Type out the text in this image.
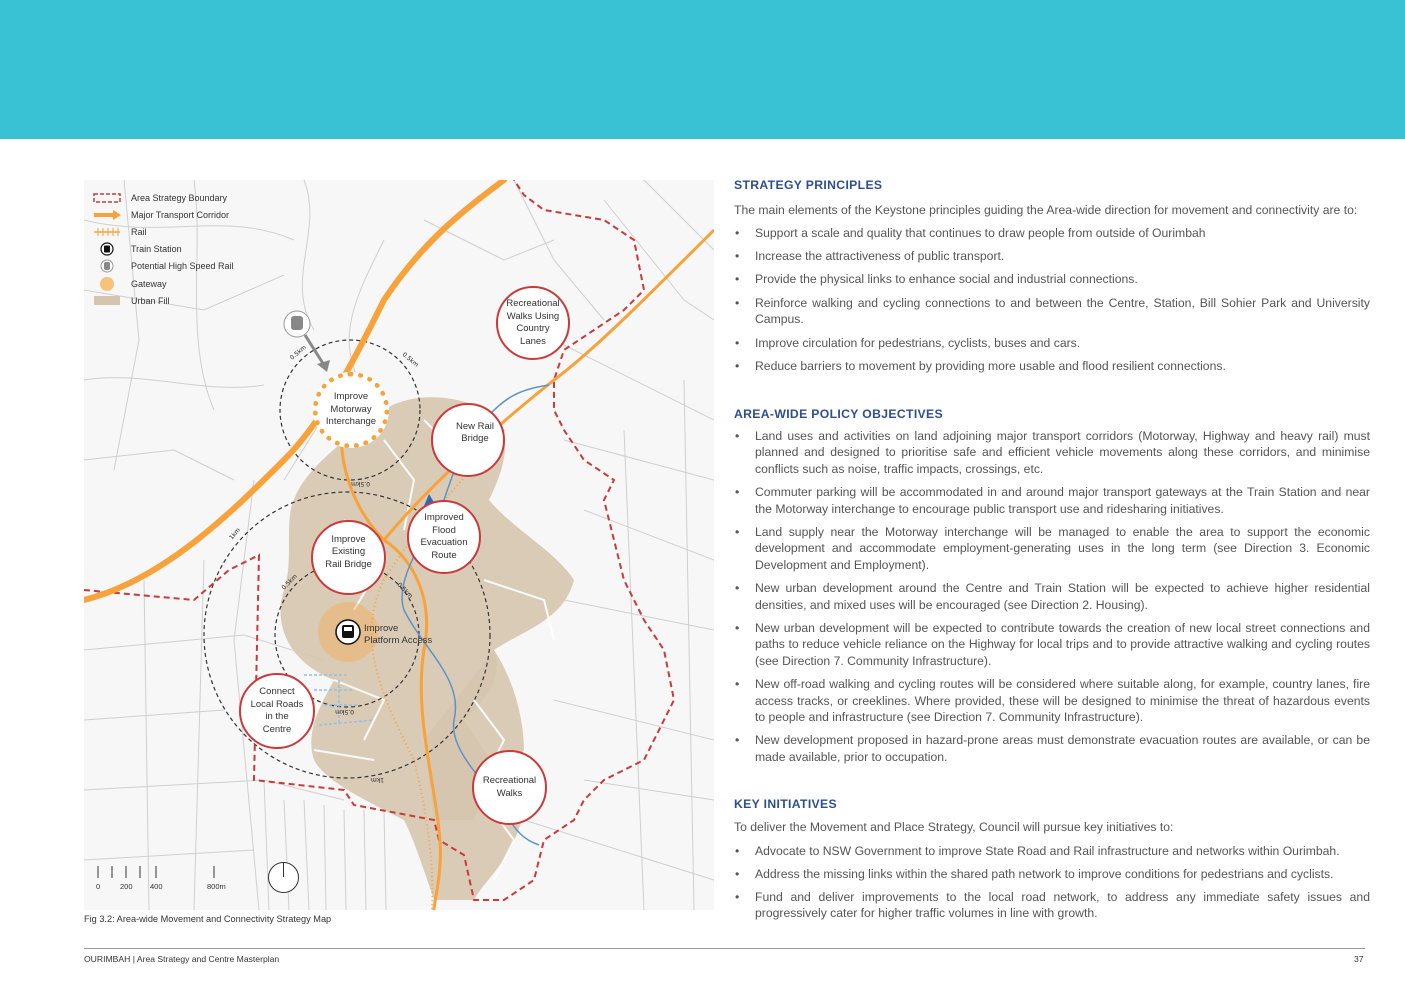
0.5km	0.5km
1km
0.5km	0.5km
0.5km
1km
0.5km
Area Strategy Boundary
Major Transport Corridor
Rail
Train Station
Potential High Speed Rail
Gateway
Urban Fill	Recreational
Walks Using
Country
Lanes
Improve
Motorway
Interchange	New Rail
Bridge
Improved
Flood
Evacuation
Route
Improve
Existing
Rail Bridge
Improve
Platform Access
Connect
Local Roads
in the
Centre
Recreational
Walks
0	200 400	800m
Fig 3.2: Area-wide Movement and Connectivity Strategy Map
STRATEGY PRINCIPLES

The main elements of the Keystone principles guiding the Area-wide direction for movement and connectivity are to:

• Support a scale and quality that continues to draw people from outside of Ourimbah
• Increase the attractiveness of public transport.
• Provide the physical links to enhance social and industrial connections.
• Reinforce walking and cycling connections to and between the Centre, Station, Bill Sohier Park and University Campus.
• Improve circulation for pedestrians, cyclists, buses and cars.
• Reduce barriers to movement by providing more usable and flood resilient connections.
AREA-WIDE POLICY OBJECTIVES
• Land uses and activities on land adjoining major transport corridors (Motorway, Highway and heavy rail) must planned and designed to prioritise safe and efficient vehicle movements along these corridors, and minimise conflicts such as noise, traffic impacts, crossings, etc.
• Commuter parking will be accommodated in and around major transport gateways at the Train Station and near the Motorway interchange to encourage public transport use and ridesharing initiatives.
• Land supply near the Motorway interchange will be managed to enable the area to support the economic development and accommodate employment-generating uses in the long term (see Direction 3. Economic Development and Employment).
• New urban development around the Centre and Train Station will be expected to achieve higher residential densities, and mixed uses will be encouraged (see Direction 2. Housing).
• New urban development will be expected to contribute towards the creation of new local street connections and paths to reduce vehicle reliance on the Highway for local trips and to provide attractive walking and cycling routes (see Direction 7. Community Infrastructure).
• New off-road walking and cycling routes will be considered where suitable along, for example, country lanes, fire access tracks, or creeklines. Where provided, these will be designed to minimise the threat of hazardous events to people and infrastructure (see Direction 7. Community Infrastructure).
• New development proposed in hazard-prone areas must demonstrate evacuation routes are available, or can be made available, prior to occupation.
KEY INITIATIVES

To deliver the Movement and Place Strategy, Council will pursue key initiatives to:

• Advocate to NSW Government to improve State Road and Rail infrastructure and networks within Ourimbah.
• Address the missing links within the shared path network to improve conditions for pedestrians and cyclists.
• Fund and deliver improvements to the local road network, to address any immediate safety issues and progressively cater for higher traffic volumes in line with growth.
OURIMBAH | Area Strategy and Centre Masterplan	37
